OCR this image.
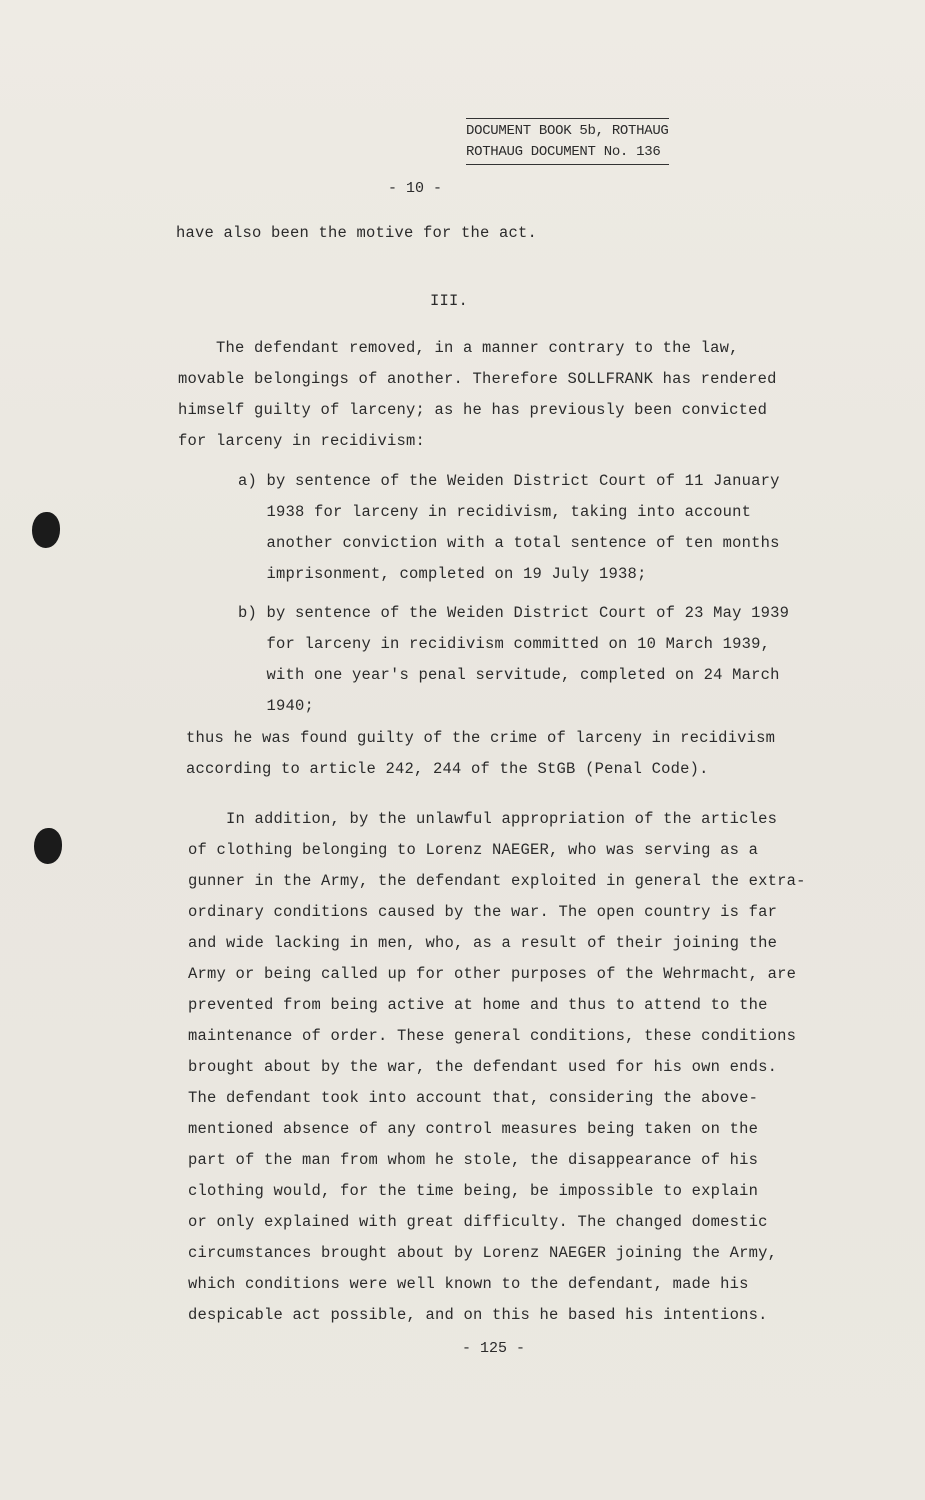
DOCUMENT BOOK 5b, ROTHAUG
ROTHAUG DOCUMENT No. 136
- 10 -
have also been the motive for the act.
III.
The defendant removed, in a manner contrary to the law,
movable belongings of another. Therefore SOLLFRANK has rendered
himself guilty of larceny; as he has previously been convicted
for larceny in recidivism:
a) by sentence of the Weiden District Court of 11 January
1938 for larceny in recidivism, taking into account
another conviction with a total sentence of ten months
imprisonment, completed on 19 July 1938;
b) by sentence of the Weiden District Court of 23 May 1939
for larceny in recidivism committed on 10 March 1939,
with one year's penal servitude, completed on 24 March
1940;
thus he was found guilty of the crime of larceny in recidivism
according to article 242, 244 of the StGB (Penal Code).
In addition, by the unlawful appropriation of the articles
of clothing belonging to Lorenz NAEGER, who was serving as a
gunner in the Army, the defendant exploited in general the extra-
ordinary conditions caused by the war. The open country is far
and wide lacking in men, who, as a result of their joining the
Army or being called up for other purposes of the Wehrmacht, are
prevented from being active at home and thus to attend to the
maintenance of order. These general conditions, these conditions
brought about by the war, the defendant used for his own ends.
The defendant took into account that, considering the above-
mentioned absence of any control measures being taken on the
part of the man from whom he stole, the disappearance of his
clothing would, for the time being, be impossible to explain
or only explained with great difficulty. The changed domestic
circumstances brought about by Lorenz NAEGER joining the Army,
which conditions were well known to the defendant, made his
despicable act possible, and on this he based his intentions.
- 125 -
